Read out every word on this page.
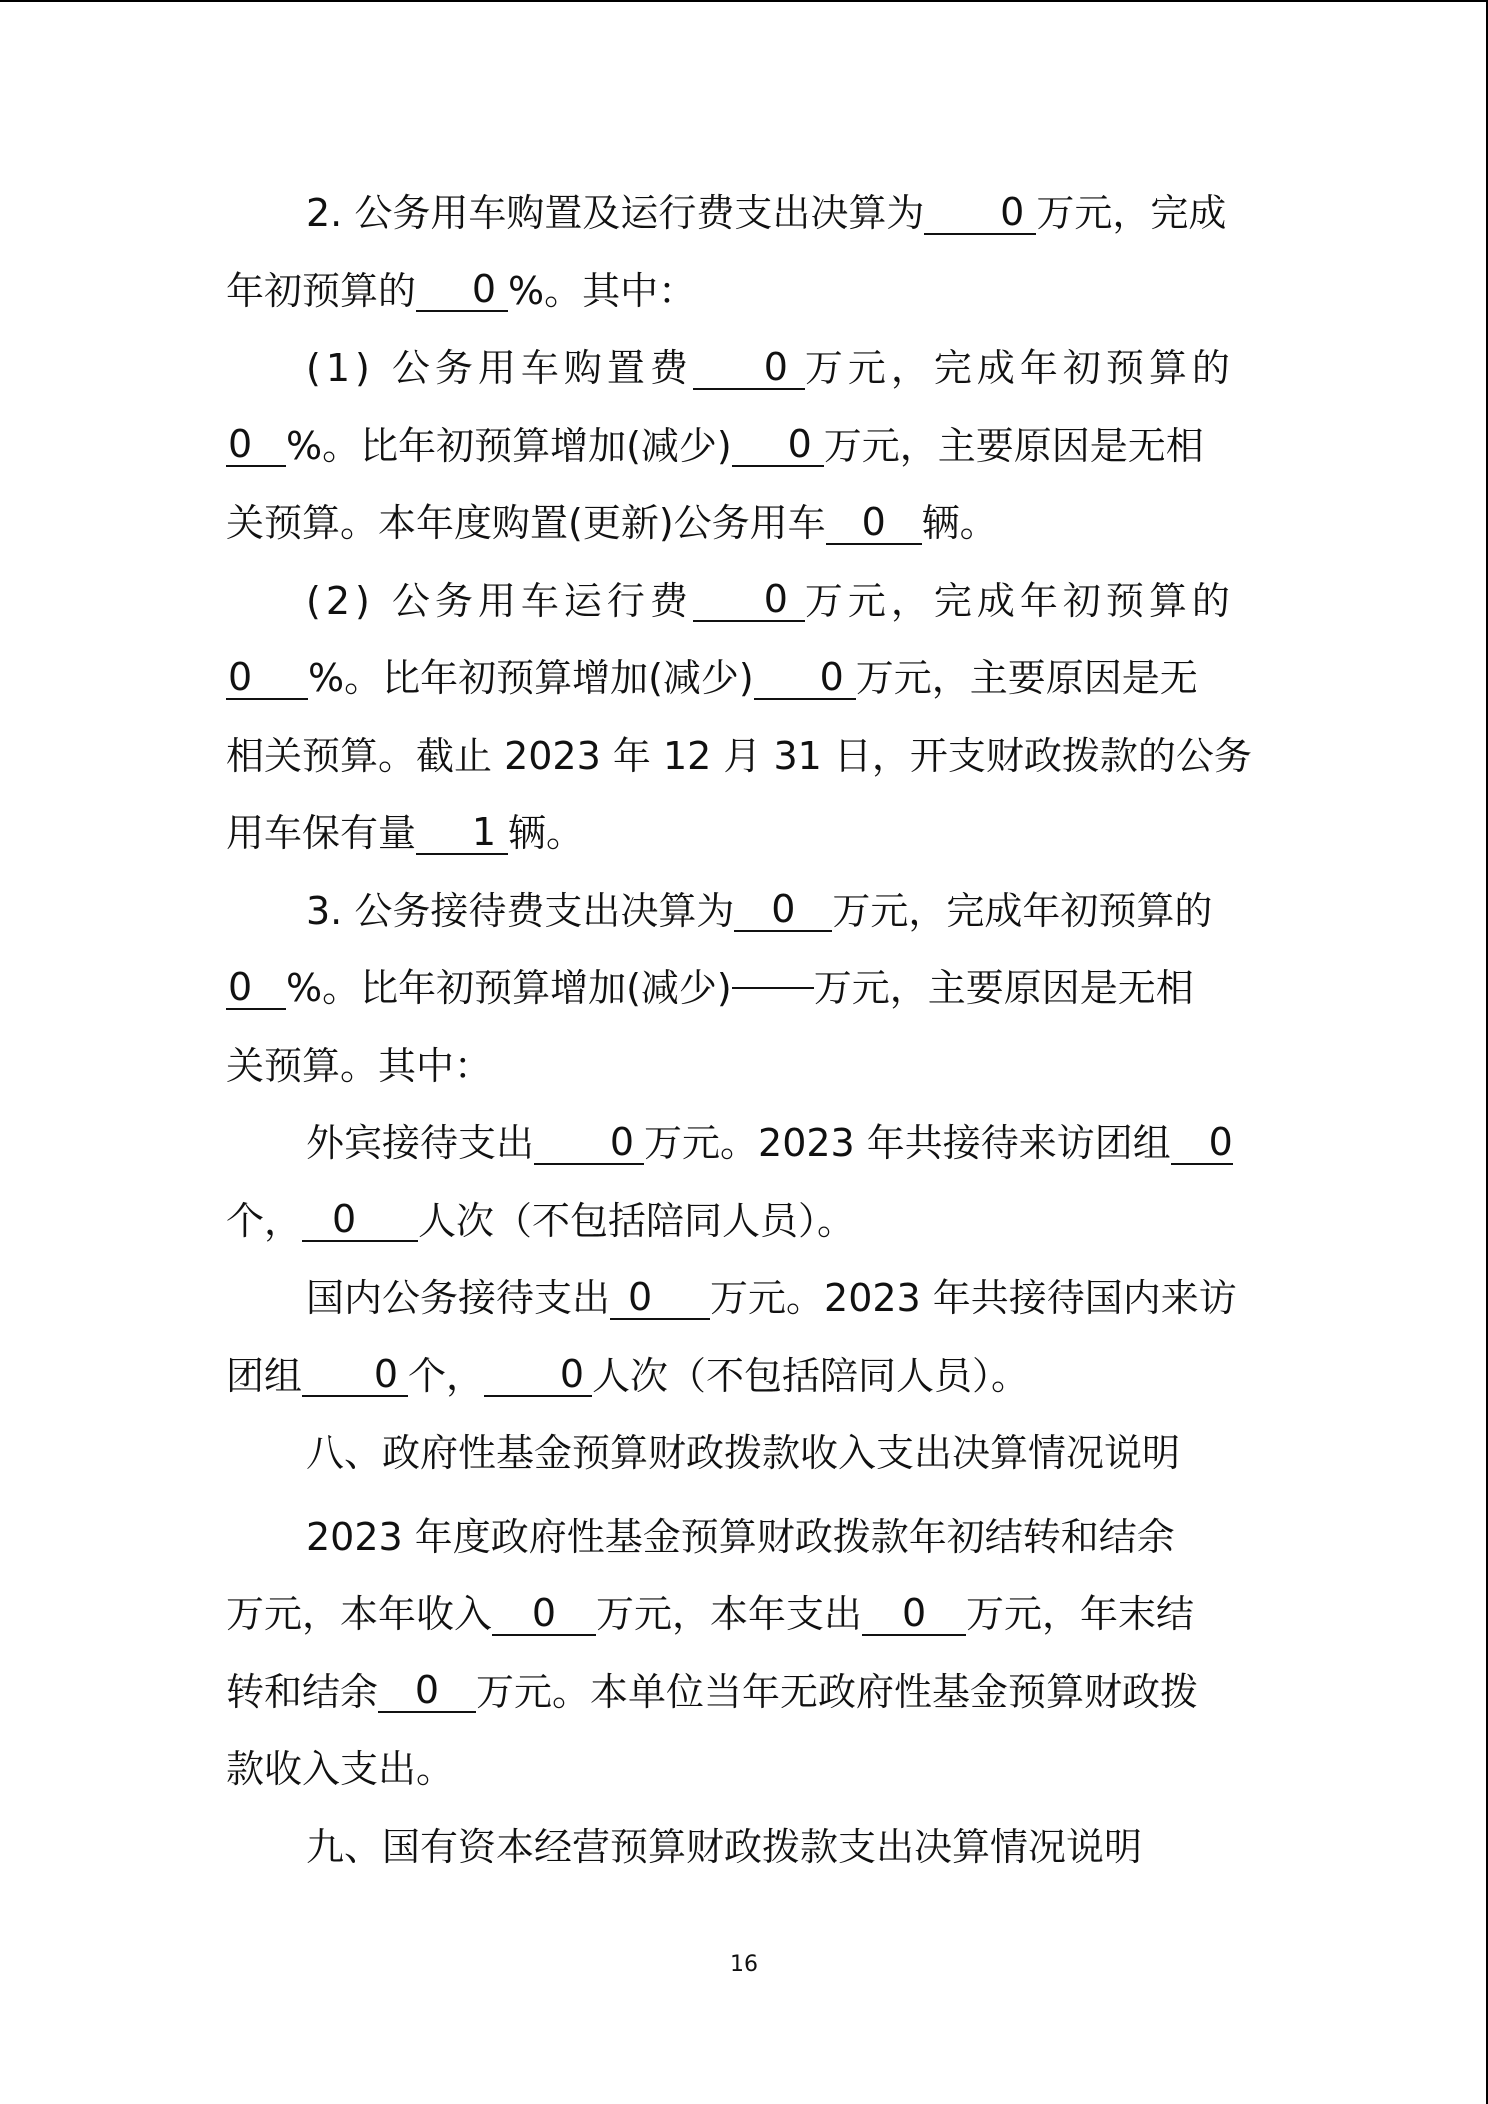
2. 公务用车购置及运行费支出决算为 0 万元，完成
年初预算的 0 %。其中：
(1) 公务用车购置费 0 万元，完成年初预算的
0 %。比年初预算增加(减少) 0 万元，主要原因是无相
关预算。本年度购置(更新)公务用车 0 辆。
(2) 公务用车运行费 0 万元，完成年初预算的
0 %。比年初预算增加(减少) 0 万元，主要原因是无
相关预算。截止 2023 年 12 月 31 日，开支财政拨款的公务
用车保有量 1 辆。
3. 公务接待费支出决算为 0 万元，完成年初预算的
0 %。比年初预算增加(减少) 万元，主要原因是无相
关预算。其中：
外宾接待支出 0 万元。2023 年共接待来访团组 0
个， 0 人次（不包括陪同人员）。
国内公务接待支出 0 万元。2023 年共接待国内来访
团组 0 个， 0 人次（不包括陪同人员）。
八、政府性基金预算财政拨款收入支出决算情况说明
2023 年度政府性基金预算财政拨款年初结转和结余
万元，本年收入 0 万元，本年支出 0 万元，年末结
转和结余 0 万元。本单位当年无政府性基金预算财政拨
款收入支出。
九、国有资本经营预算财政拨款支出决算情况说明
16
